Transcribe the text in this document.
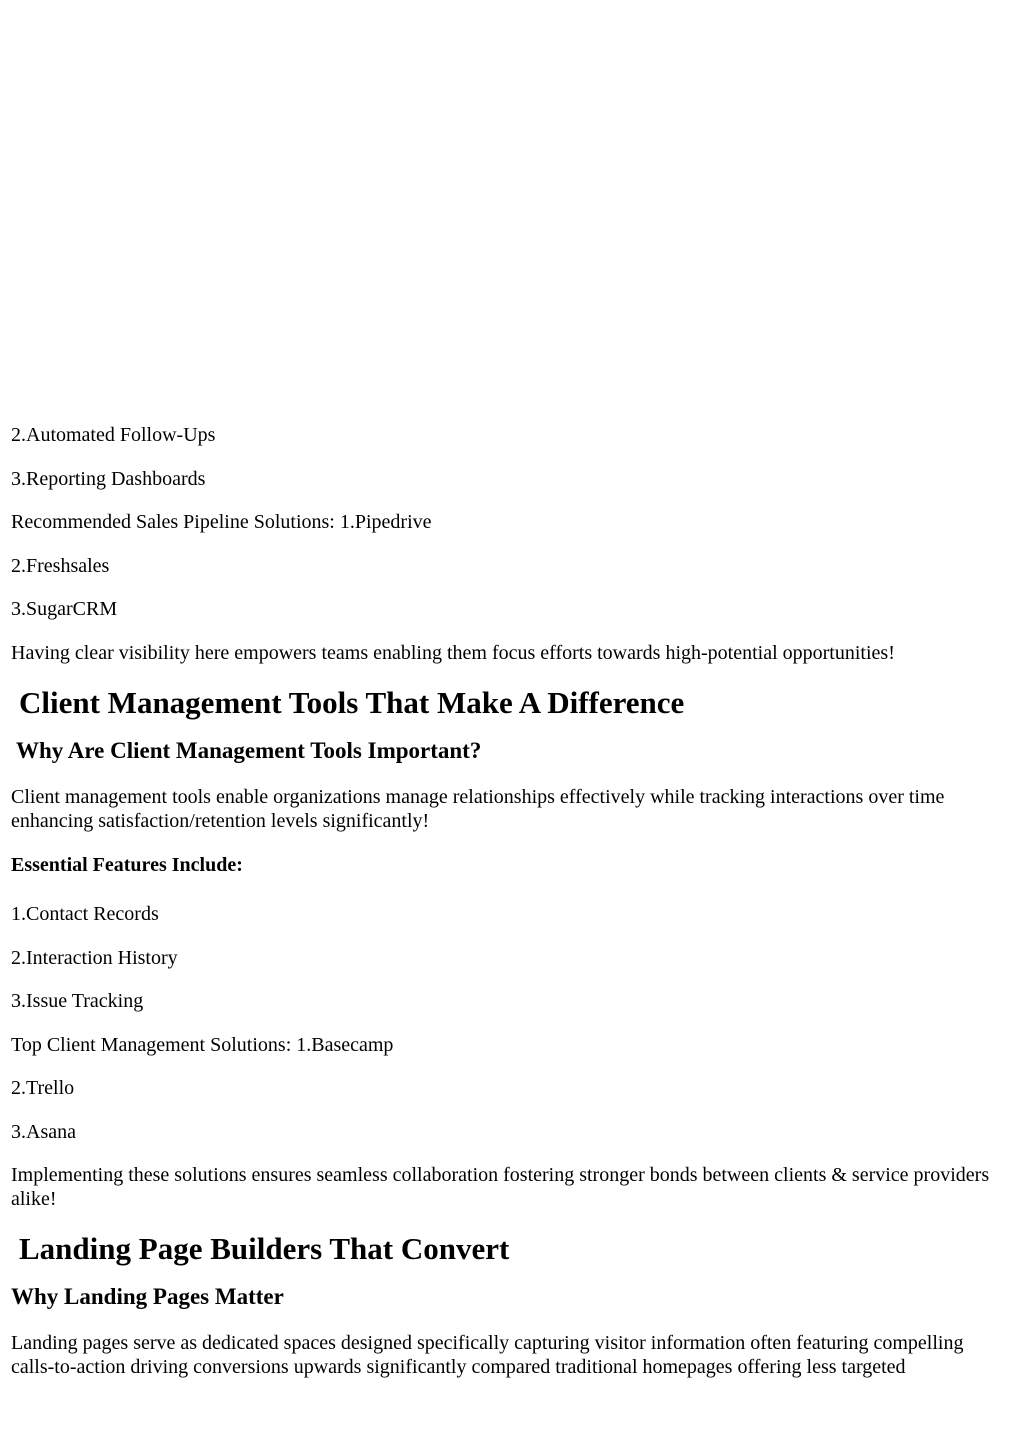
2.Automated Follow-Ups

3.Reporting Dashboards

Recommended Sales Pipeline Solutions: 1.Pipedrive

2.Freshsales

3.SugarCRM

Having clear visibility here empowers teams enabling them focus efforts towards high-potential opportunities!

Client Management Tools That Make A Difference
Why Are Client Management Tools Important?

Client management tools enable organizations manage relationships effectively while tracking interactions over time enhancing satisfaction/retention levels significantly!

Essential Features Include:

1.Contact Records

2.Interaction History

3.Issue Tracking

Top Client Management Solutions: 1.Basecamp

2.Trello

3.Asana

Implementing these solutions ensures seamless collaboration fostering stronger bonds between clients & service providers alike!

Landing Page Builders That Convert
Why Landing Pages Matter

Landing pages serve as dedicated spaces designed specifically capturing visitor information often featuring compelling calls-to-action driving conversions upwards significantly compared traditional homepages offering less targeted
